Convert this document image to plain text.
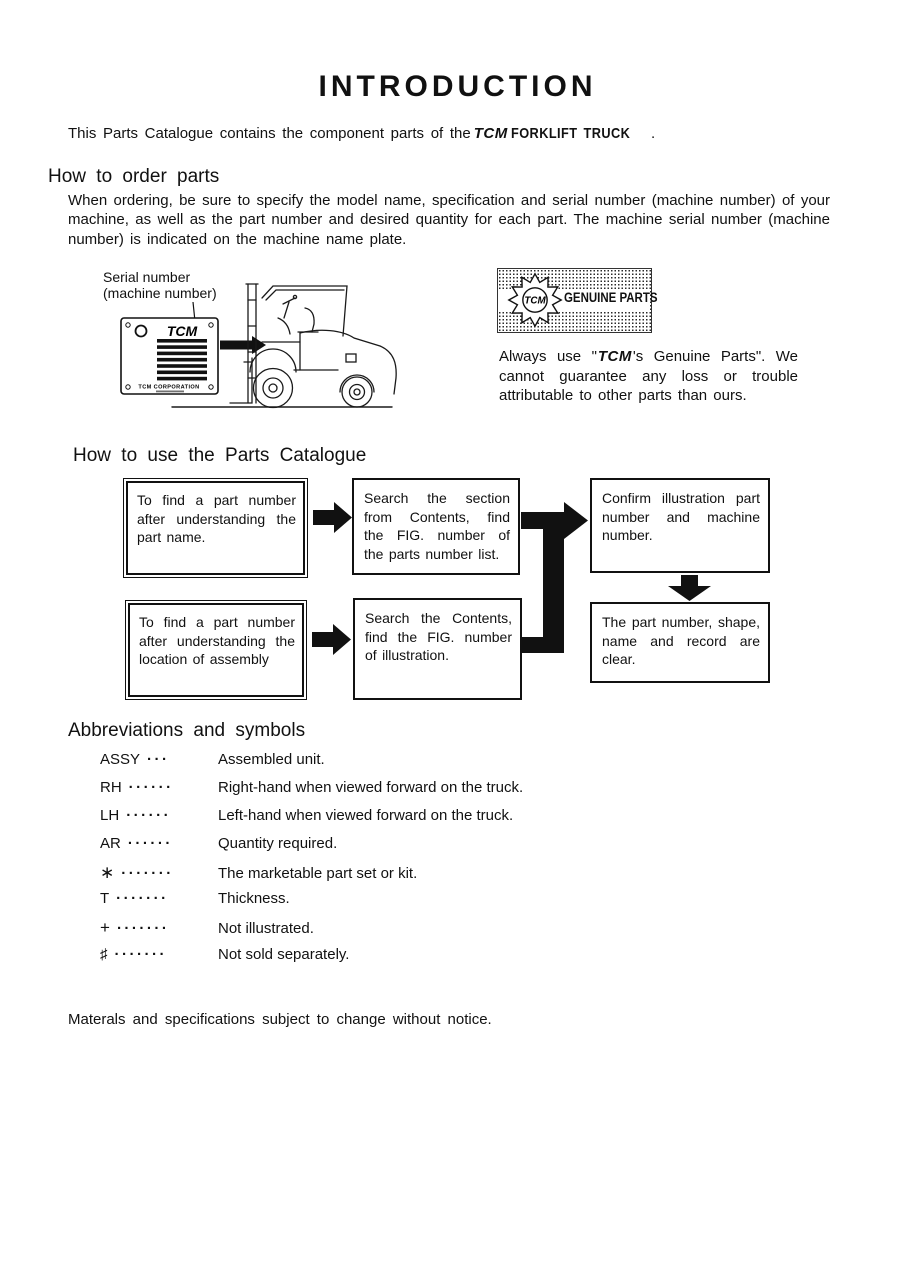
INTRODUCTION
This Parts Catalogue contains the component parts of the TCM FORKLIFT TRUCK .
How to order parts
When ordering, be sure to specify the model name, specification and serial number (machine number) of your machine, as well as the part number and desired quantity for each part. The machine serial number (machine number) is indicated on the machine name plate.
Serial number
(machine number)
TCM
TCM CORPORATION
GENUINE PARTS
TCM
Always use "TCM's Genuine Parts". We cannot guarantee any loss or trouble attributable to other parts than ours.
How to use the Parts Catalogue
To find a part number after understanding the part name.
Search the section from Contents, find the FIG. number of the parts number list.
Confirm illustration part number and machine number.
To find a part number after understanding the location of assembly
Search the Contents, find the FIG. number of illustration.
The part number, shape, name and record are clear.
Abbreviations and symbols
ASSY ···	Assembled unit.
RH ······	Right-hand when viewed forward on the truck.
LH ······	Left-hand when viewed forward on the truck.
AR ······	Quantity required.
∗ ·······	The marketable part set or kit.
T ·······	Thickness.
+ ·······	Not illustrated.
♯ ·······	Not sold separately.
Materals and specifications subject to change without notice.
